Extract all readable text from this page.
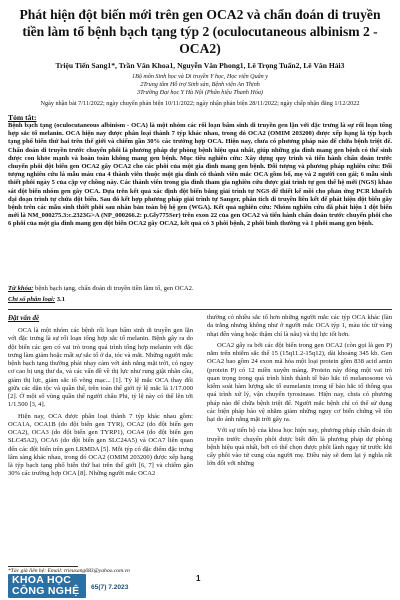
Phát hiện đột biến mới trên gen OCA2 và chẩn đoán di truyền tiền làm tổ bệnh bạch tạng týp 2 (oculocutaneous albinism 2 - OCA2)
Triệu Tiến Sang1*, Trần Văn Khoa1, Nguyễn Văn Phong1, Lê Trọng Tuấn2, Lê Văn Hải3
1Bộ môn Sinh học và Di truyền Y học, Học viện Quân y
2Trung tâm Hỗ trợ Sinh sản, Bệnh viện An Thịnh
3Trường Đại học Y Hà Nội (Phân hiệu Thanh Hóa)
Ngày nhận bài 7/11/2022; ngày chuyển phản biện 10/11/2022; ngày nhận phản biện 28/11/2022; ngày chấp nhận đăng 1/12/2022
Tóm tắt:
Bệnh bạch tạng (oculocutaneous albinism - OCA) là một nhóm các rối loạn bẩm sinh di truyền gen lặn với đặc trưng là sự rối loạn tổng hợp sắc tố melanin. OCA hiện nay được phân loại thành 7 týp khác nhau, trong đó OCA2 (OMIM 203200) được xếp hạng là týp bạch tạng phổ biến thứ hai trên thế giới và chiếm gần 30% các trường hợp OCA. Hiện nay, chưa có phương pháp nào để chữa bệnh triệt để. Chẩn đoán di truyền trước chuyển phôi là phương pháp dự phòng bệnh hiệu quả nhất, giúp những gia đình mang gen bệnh có thể sinh được con khỏe mạnh và hoàn toàn không mang gen bệnh. Mục tiêu nghiên cứu: Xây dựng quy trình và tiến hành chẩn đoán trước chuyển phôi đột biến gen OCA2 gây OCA2 cho các phôi của một gia đình mang gen bệnh. Đối tượng và phương pháp nghiên cứu: Đối tượng nghiên cứu là mẫu máu của 4 thành viên thuộc một gia đình có thành viên mắc OCA gồm bố, mẹ và 2 người con gái; 6 mẫu sinh thiết phôi ngày 5 của cặp vợ chồng này. Các thành viên trong gia đình tham gia nghiên cứu được giải trình tự gen thế hệ mới (NGS) khảo sát đột biến nhóm gen gây OCA. Dựa trên kết quả xác định đột biến bằng giải trình tự NGS để thiết kế mồi cho phản ứng PCR khuếch đại đoạn trình tự chứa đột biến. Sau đó kết hợp phương pháp giải trình tự Sanger, phân tích di truyền liên kết để phát hiện đột biến gây bệnh trên các mẫu sinh thiết phôi sau nhân bản toàn bộ hệ gen (WGA). Kết quả nghiên cứu: Nhóm nghiên cứu đã phát hiện 1 đột biến mới là NM_000275.3:c.2323G>A (NP_000266.2: p.Gly775Ser) trên exon 22 của gen OCA2 và tiến hành chẩn đoán trước chuyển phôi cho 6 phôi của một gia đình mang gen đột biến OCA2 gây OCA2, kết quả có 3 phôi bệnh, 2 phôi bình thường và 1 phôi mang gen bệnh.
Từ khóa: bệnh bạch tạng, chẩn đoán di truyền tiền làm tổ, gen OCA2.
Chỉ số phân loại: 3.1
Đặt vấn đề

OCA là một nhóm các bệnh rối loạn bẩm sinh di truyền gen lặn với đặc trưng là sự rối loạn tổng hợp sắc tố melanin. Bệnh gây ra do đột biến các gen có vai trò trong quá trình tổng hợp melanin với đặc trưng làm giảm hoặc mất sự sắc tố ở da, tóc và mắt. Những người mắc bệnh bạch tạng thường phải nhạy cảm với ánh nắng mặt trời, có nguy cơ cao bị ung thư da, và các vấn đề về thị lực như rung giật nhãn cầu, giảm thị lực, giảm sắc tố võng mạc... [1]. Tỷ lệ mắc OCA thay đổi giữa các dân tộc và quần thể, trên toàn thế giới tỷ lệ mắc là 1/17.000 [2]. Ở một số vùng quần thể người châu Phi, tỷ lệ này có thể lên tới 1/1.500 [3, 4].

Hiện nay, OCA được phân loại thành 7 týp khác nhau gồm: OCA1A, OCA1B (do đột biến gen TYR), OCA2 (do đột biến gen OCA2), OCA3 (do đột biến gen TYRP1), OCA4 (do đột biến gen SLC45A2), OCA6 (do đột biến gen SLC24A5) và OCA7 liên quan đến các đột biến trên gen LRMDA [5]. Mỗi týp có đặc điểm đặc trưng lâm sàng khác nhau, trong đó OCA2 (OMIM 203200) được xếp hạng là týp bạch tạng phổ biến thứ hai trên thế giới [6, 7] và chiếm gần 30% các trường hợp OCA [8]. Những người mắc OCA2

thường có nhiều sắc tố hơn những người mắc các týp OCA khác (làn da trắng nhưng không như ở người mắc OCA týp 1, màu tóc từ vàng nhạt đến vàng hoặc thậm chí là nâu) và thị lực tốt hơn.

OCA2 gây ra bởi các đột biến trong gen OCA2 (còn gọi là gen P) nằm trên nhiễm sắc thể 15 (15q11.2-15q12), dài khoảng 345 kb. Gen OCA2 bao gồm 24 exon mã hóa một loại protein gồm 838 acid amin (protein P) có 12 miền xuyên màng. Protein này đóng một vai trò quan trọng trong quá trình hình thành tế bào hắc tố melanosome và kiểm soát hàm lượng sắc tố eumelanin trong tế bào hắc tố thông qua quá trình xử lý, vận chuyển tyrosinase. Hiện nay, chưa có phương pháp nào để chữa bệnh triệt để. Người mắc bệnh chỉ có thể sử dụng các biện pháp bảo vệ nhằm giảm những nguy cơ biến chứng về tổn hại do ánh nắng mặt trời gây ra.

Với sự tiến bộ của khoa học hiện nay, phương pháp chẩn đoán di truyền trước chuyển phôi được biết đến là phương pháp dự phòng bệnh hiệu quả nhất, bởi có thể chọn được phôi lành ngay từ trước khi cấy phôi vào tử cung của người mẹ. Điều này sẽ đem lại ý nghĩa rất lớn đối với những

*Tác giả liên hệ: Email: trieusang683@yahoo.com.vn
KHOA HỌC
CÔNG NGHỆ 65(7) 7.2023
1
